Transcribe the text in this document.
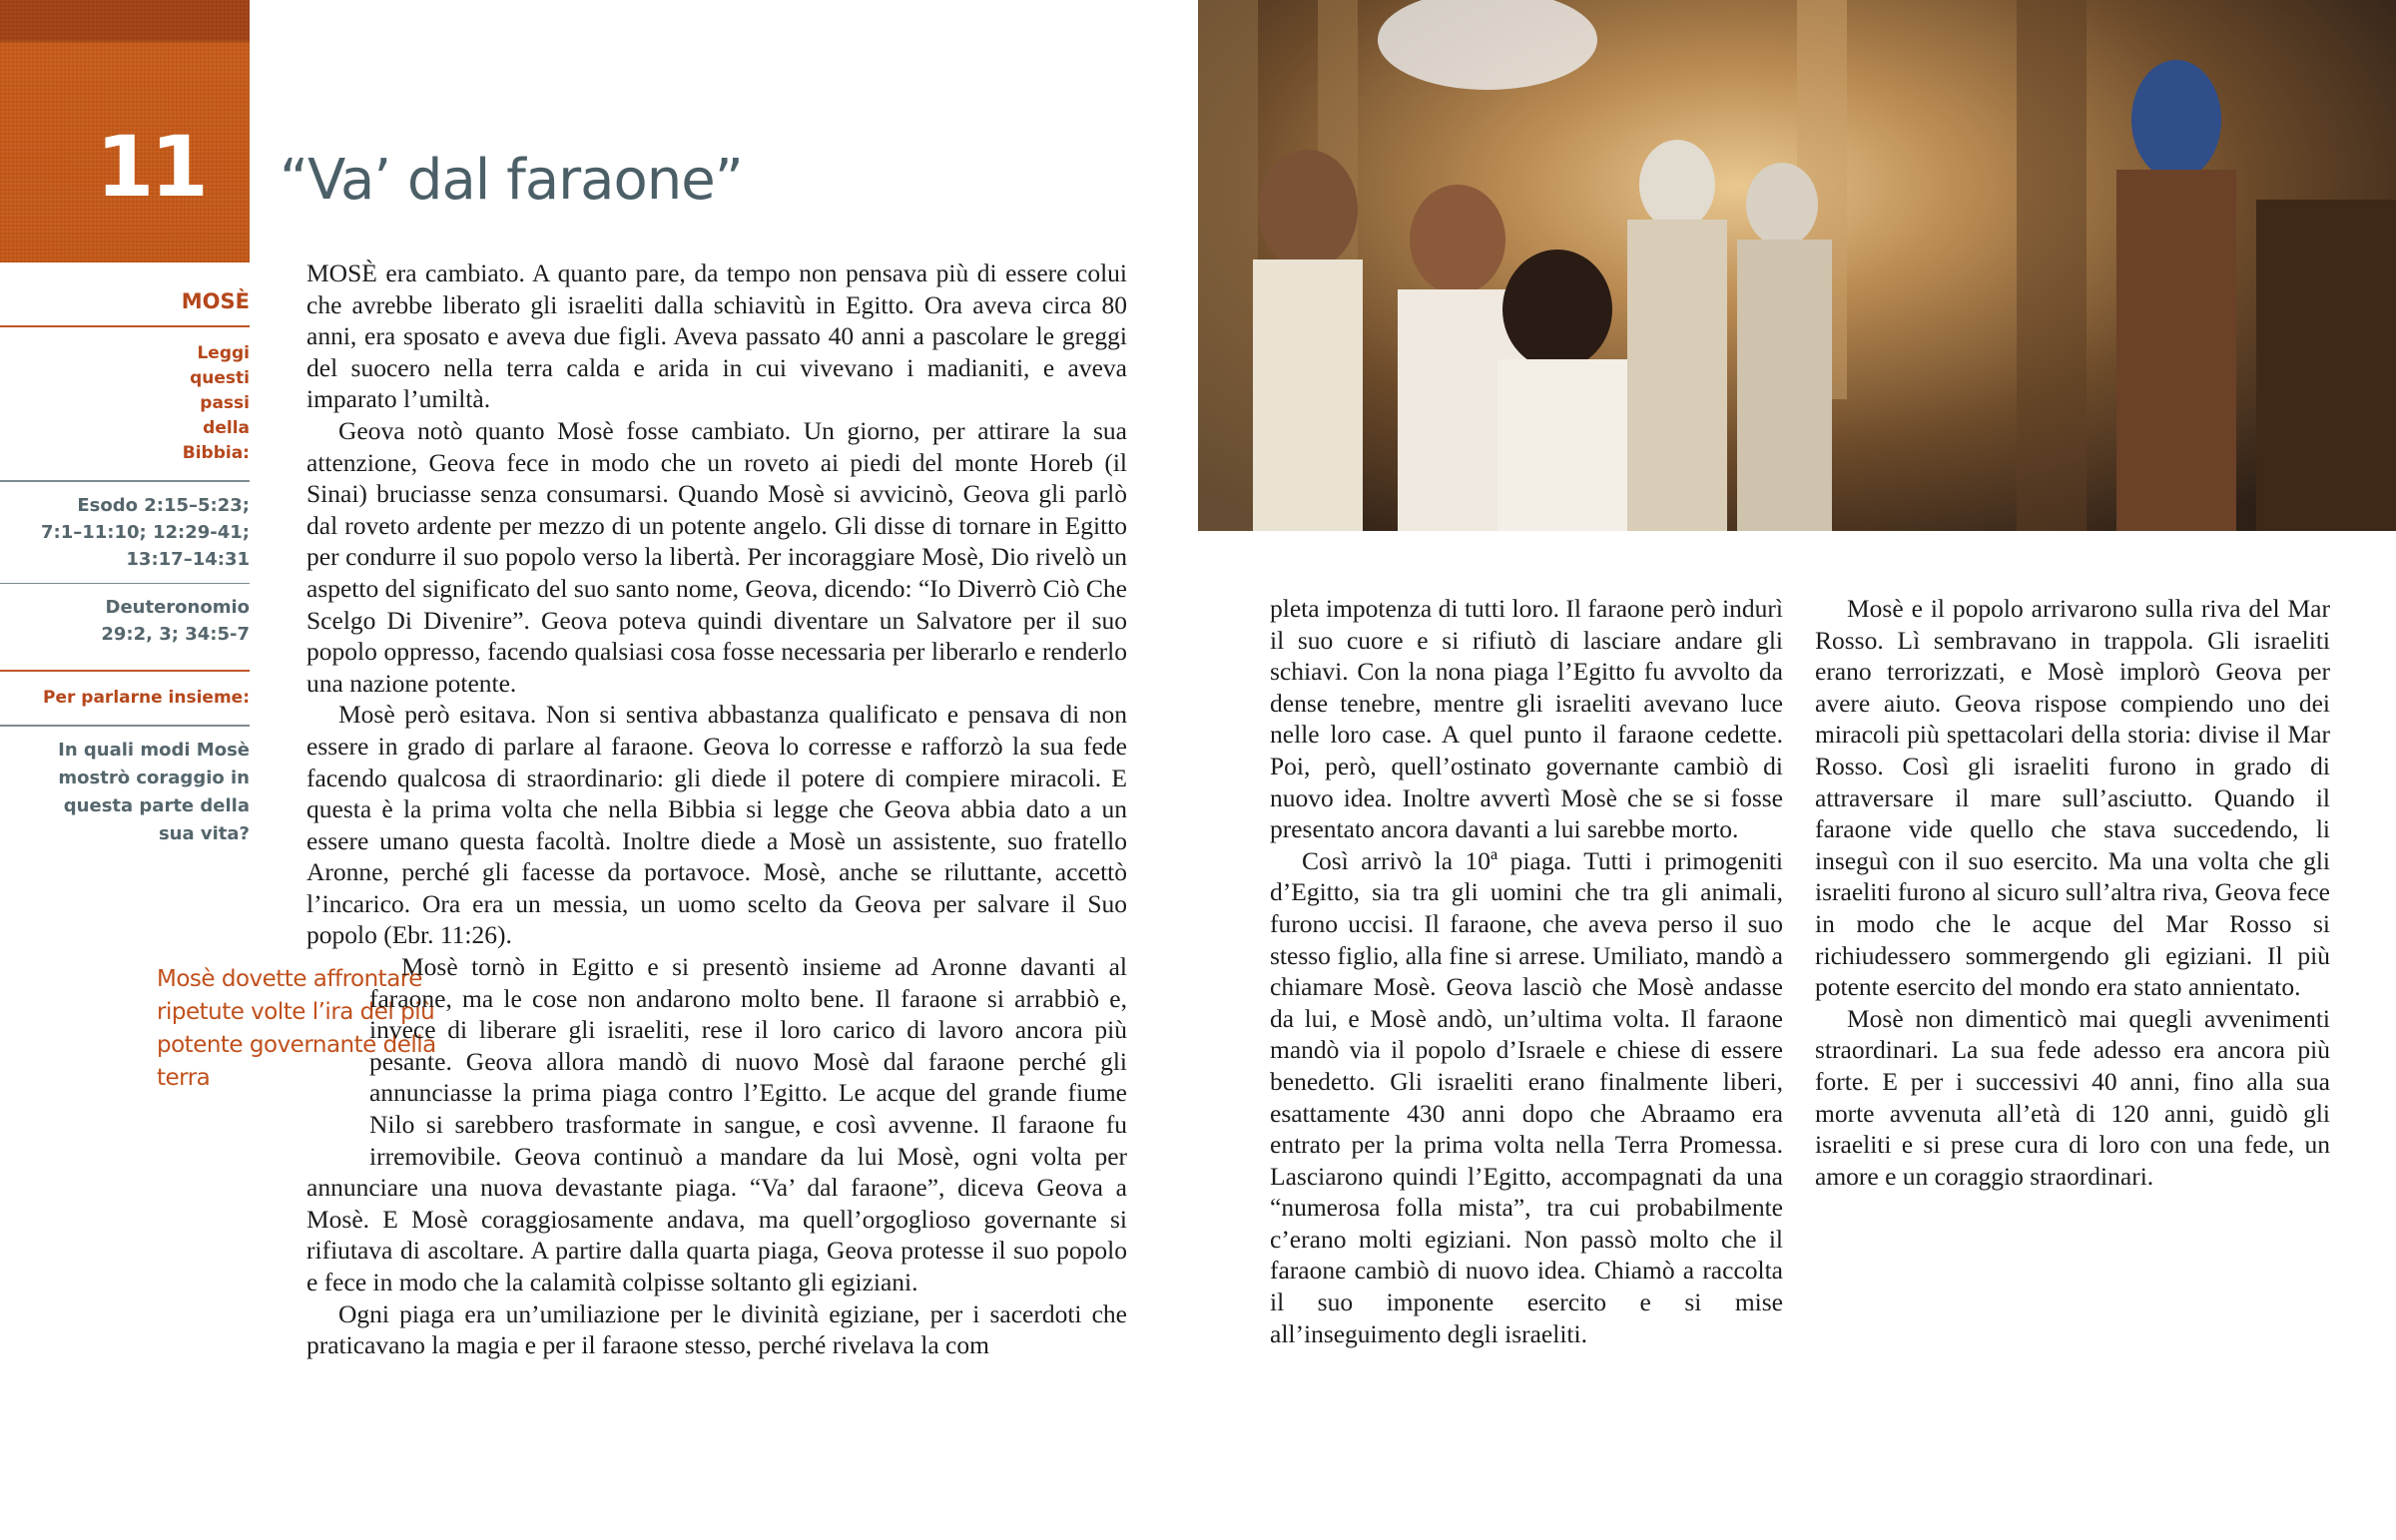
11 “Va’ dal faraone”
MOSÈ
Leggi questi passi della Bibbia:
Esodo 2:15–5:23; 7:1–11:10; 12:29-41; 13:17–14:31
Deuteronomio 29:2, 3; 34:5-7
Per parlarne insieme:
In quali modi Mosè mostrò coraggio in questa parte della sua vita?

MOSÈ era cambiato. A quanto pare, da tempo non pensava più di essere colui che avrebbe liberato gli israeliti dalla schiavitù in Egitto. Ora aveva circa 80 anni, era sposato e aveva due figli. Aveva passato 40 anni a pascolare le greggi del suocero nella terra calda e arida in cui vivevano i madianiti, e aveva imparato l’umiltà.

Geova notò quanto Mosè fosse cambiato. Un giorno, per attirare la sua attenzione, Geova fece in modo che un roveto ai piedi del monte Horeb (il Sinai) bruciasse senza consumarsi. Quando Mosè si avvicinò, Geova gli parlò dal roveto ardente per mezzo di un potente angelo. Gli disse di tornare in Egitto per condurre il suo popolo verso la libertà. Per incoraggiare Mosè, Dio rivelò un aspetto del significato del suo santo nome, Geova, dicendo: “Io Diverrò Ciò Che Scelgo Di Divenire”. Geova poteva quindi diventare un Salvatore per il suo popolo oppresso, facendo qualsiasi cosa fosse necessaria per liberarlo e renderlo una nazione potente.

Mosè però esitava. Non si sentiva abbastanza qualificato e pensava di non essere in grado di parlare al faraone. Geova lo corresse e rafforzò la sua fede facendo qualcosa di straordinario: gli diede il potere di compiere miracoli. E questa è la prima volta che nella Bibbia si legge che Geova abbia dato a un essere umano questa facoltà. Inoltre diede a Mosè un assistente, suo fratello Aronne, perché gli facesse da portavoce. Mosè, anche se riluttante, accettò l’incarico. Ora era un messia, un uomo scelto da Geova per salvare il Suo popolo (Ebr. 11:26).

Mosè dovette affrontare ripetute volte l’ira del più potente governante della terra

Mosè tornò in Egitto e si presentò insieme ad Aronne davanti al faraone, ma le cose non andarono molto bene. Il faraone si arrabbiò e, invece di liberare gli israeliti, rese il loro carico di lavoro ancora più pesante. Geova allora mandò di nuovo Mosè dal faraone perché gli annunciasse la prima piaga contro l’Egitto. Le acque del grande fiume Nilo si sarebbero trasformate in sangue, e così avvenne. Il faraone fu irremovibile. Geova continuò a mandare da lui Mosè, ogni volta per annunciare una nuova devastante piaga. “Va’ dal faraone”, diceva Geova a Mosè. E Mosè coraggiosamente andava, ma quell’orgoglioso governante si rifiutava di ascoltare. A partire dalla quarta piaga, Geova protesse il suo popolo e fece in modo che la calamità colpisse soltanto gli egiziani.

Ogni piaga era un’umiliazione per le divinità egiziane, per i sacerdoti che praticavano la magia e per il faraone stesso, perché rivelava la com

pleta impotenza di tutti loro. Il faraone però indurì il suo cuore e si rifiutò di lasciare andare gli schiavi. Con la nona piaga l’Egitto fu avvolto da dense tenebre, mentre gli israeliti avevano luce nelle loro case. A quel punto il faraone cedette. Poi, però, quell’ostinato governante cambiò di nuovo idea. Inoltre avvertì Mosè che se si fosse presentato ancora davanti a lui sarebbe morto.

Così arrivò la 10ª piaga. Tutti i primogeniti d’Egitto, sia tra gli uomini che tra gli animali, furono uccisi. Il faraone, che aveva perso il suo stesso figlio, alla fine si arrese. Umiliato, mandò a chiamare Mosè. Geova lasciò che Mosè andasse da lui, e Mosè andò, un’ultima volta. Il faraone mandò via il popolo d’Israele e chiese di essere benedetto. Gli israeliti erano finalmente liberi, esattamente 430 anni dopo che Abraamo era entrato per la prima volta nella Terra Promessa. Lasciarono quindi l’Egitto, accompagnati da una “numerosa folla mista”, tra cui probabilmente c’erano molti egiziani. Non passò molto che il faraone cambiò di nuovo idea. Chiamò a raccolta il suo imponente esercito e si mise all’inseguimento degli israeliti.

Mosè e il popolo arrivarono sulla riva del Mar Rosso. Lì sembravano in trappola. Gli israeliti erano terrorizzati, e Mosè implorò Geova per avere aiuto. Geova rispose compiendo uno dei miracoli più spettacolari della storia: divise il Mar Rosso. Così gli israeliti furono in grado di attraversare il mare sull’asciutto. Quando il faraone vide quello che stava succedendo, li inseguì con il suo esercito. Ma una volta che gli israeliti furono al sicuro sull’altra riva, Geova fece in modo che le acque del Mar Rosso si richiudessero sommergendo gli egiziani. Il più potente esercito del mondo era stato annientato.

Mosè non dimenticò mai quegli avvenimenti straordinari. La sua fede adesso era ancora più forte. E per i successivi 40 anni, fino alla sua morte avvenuta all’età di 120 anni, guidò gli israeliti e si prese cura di loro con una fede, un amore e un coraggio straordinari.
